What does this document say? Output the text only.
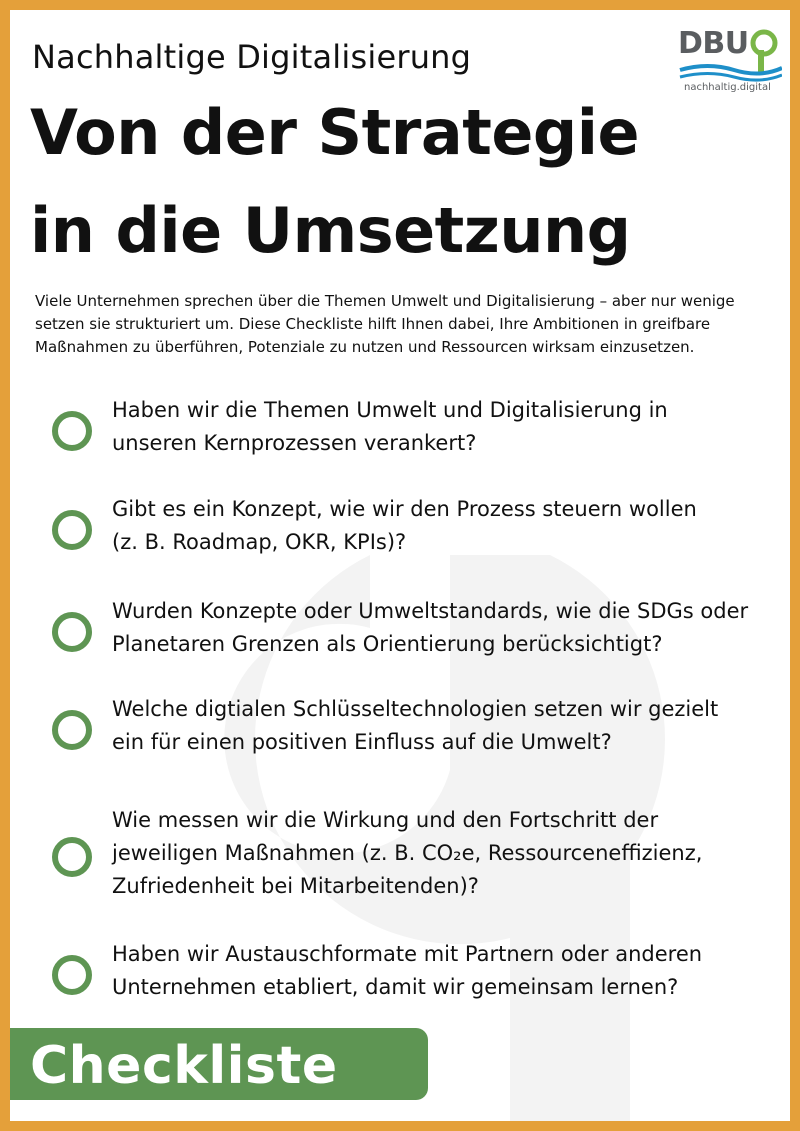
Nachhaltige Digitalisierung
Von der Strategie
in die Umsetzung
DBU
nachhaltig.digital
Viele Unternehmen sprechen über die Themen Umwelt und Digitalisierung – aber nur wenige setzen sie strukturiert um. Diese Checkliste hilft Ihnen dabei, Ihre Ambitionen in greifbare Maßnahmen zu überführen, Potenziale zu nutzen und Ressourcen wirksam einzusetzen.
Haben wir die Themen Umwelt und Digitalisierung in
unseren Kernprozessen verankert?
Gibt es ein Konzept, wie wir den Prozess steuern wollen
(z. B. Roadmap, OKR, KPIs)?
Wurden Konzepte oder Umweltstandards, wie die SDGs oder
Planetaren Grenzen als Orientierung berücksichtigt?
Welche digtialen Schlüsseltechnologien setzen wir gezielt
ein für einen positiven Einfluss auf die Umwelt?
Wie messen wir die Wirkung und den Fortschritt der
jeweiligen Maßnahmen (z. B. CO₂e, Ressourceneffizienz,
Zufriedenheit bei Mitarbeitenden)?
Haben wir Austauschformate mit Partnern oder anderen
Unternehmen etabliert, damit wir gemeinsam lernen?
Checkliste
